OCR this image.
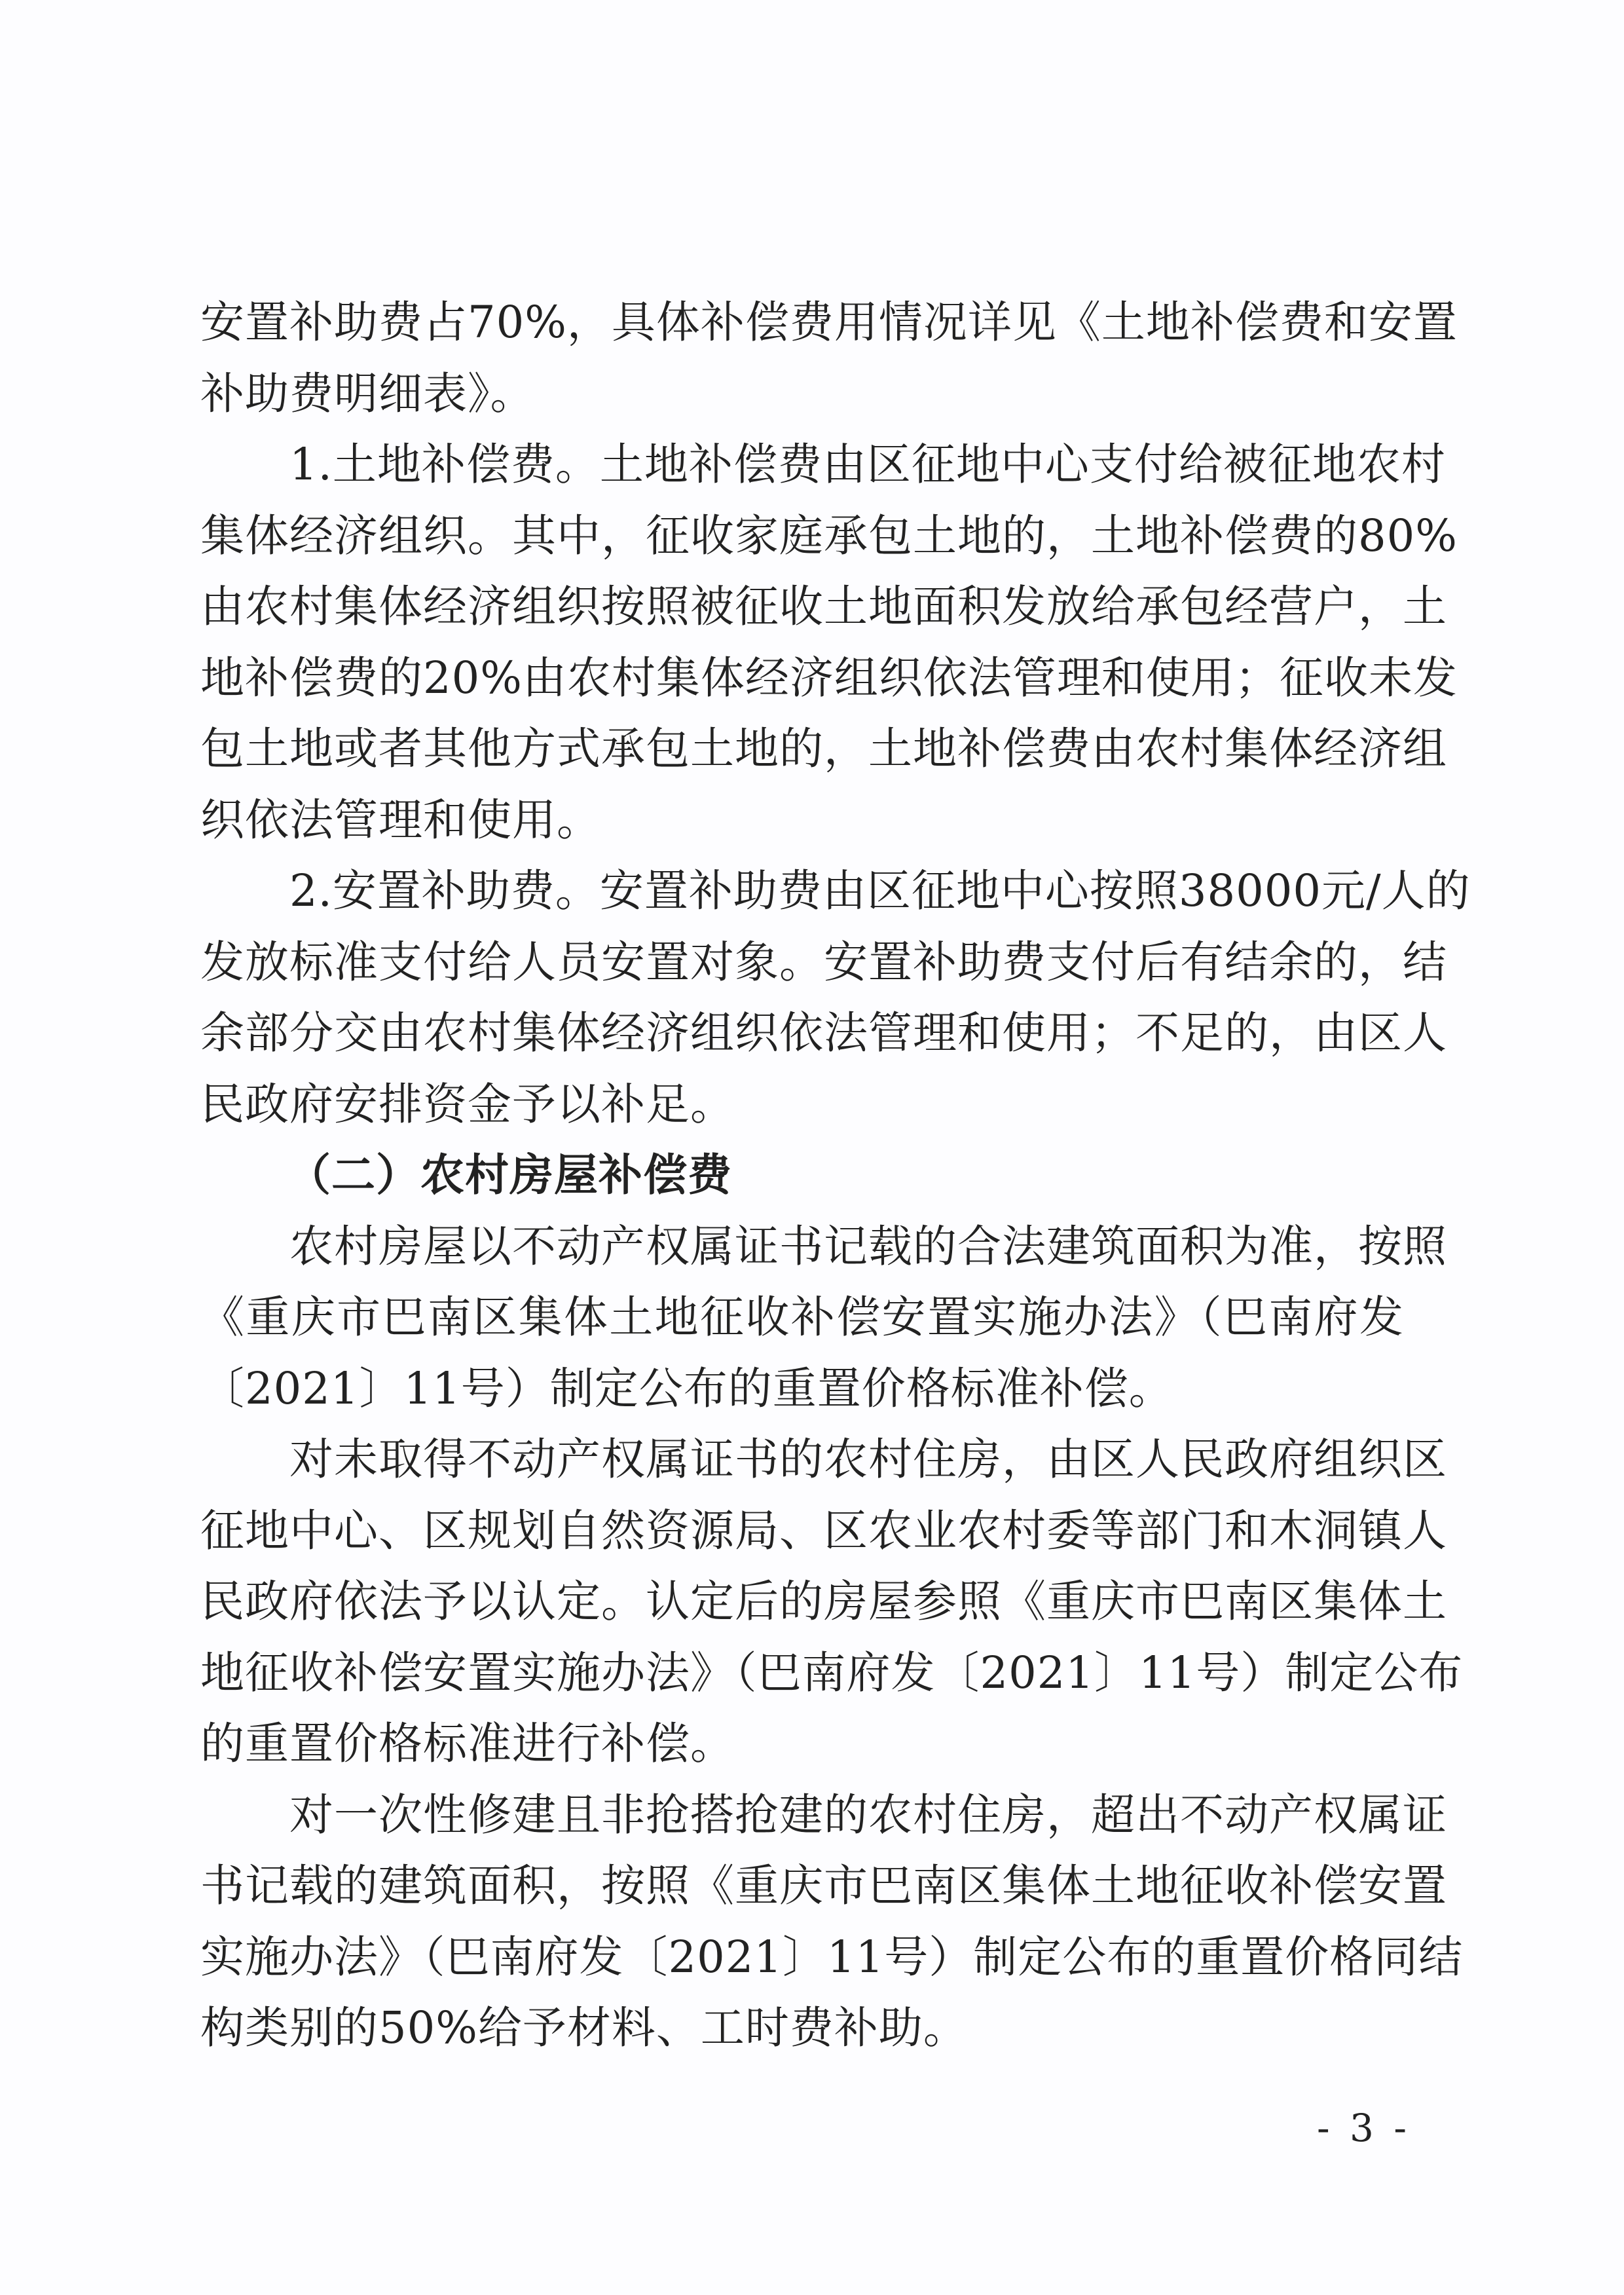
安置补助费占70%，具体补偿费用情况详见《土地补偿费和安置
补助费明细表》。
　　1.土地补偿费。土地补偿费由区征地中心支付给被征地农村
集体经济组织。其中，征收家庭承包土地的，土地补偿费的80%
由农村集体经济组织按照被征收土地面积发放给承包经营户，土
地补偿费的20%由农村集体经济组织依法管理和使用；征收未发
包土地或者其他方式承包土地的，土地补偿费由农村集体经济组
织依法管理和使用。
　　2.安置补助费。安置补助费由区征地中心按照38000元/人的
发放标准支付给人员安置对象。安置补助费支付后有结余的，结
余部分交由农村集体经济组织依法管理和使用；不足的，由区人
民政府安排资金予以补足。
（二）农村房屋补偿费
　　农村房屋以不动产权属证书记载的合法建筑面积为准，按照
《重庆市巴南区集体土地征收补偿安置实施办法》（巴南府发
〔2021〕11号）制定公布的重置价格标准补偿。
　　对未取得不动产权属证书的农村住房，由区人民政府组织区
征地中心、区规划自然资源局、区农业农村委等部门和木洞镇人
民政府依法予以认定。认定后的房屋参照《重庆市巴南区集体土
地征收补偿安置实施办法》（巴南府发〔2021〕11号）制定公布
的重置价格标准进行补偿。
　　对一次性修建且非抢搭抢建的农村住房，超出不动产权属证
书记载的建筑面积，按照《重庆市巴南区集体土地征收补偿安置
实施办法》（巴南府发〔2021〕11号）制定公布的重置价格同结
构类别的50%给予材料、工时费补助。
- 3 -
